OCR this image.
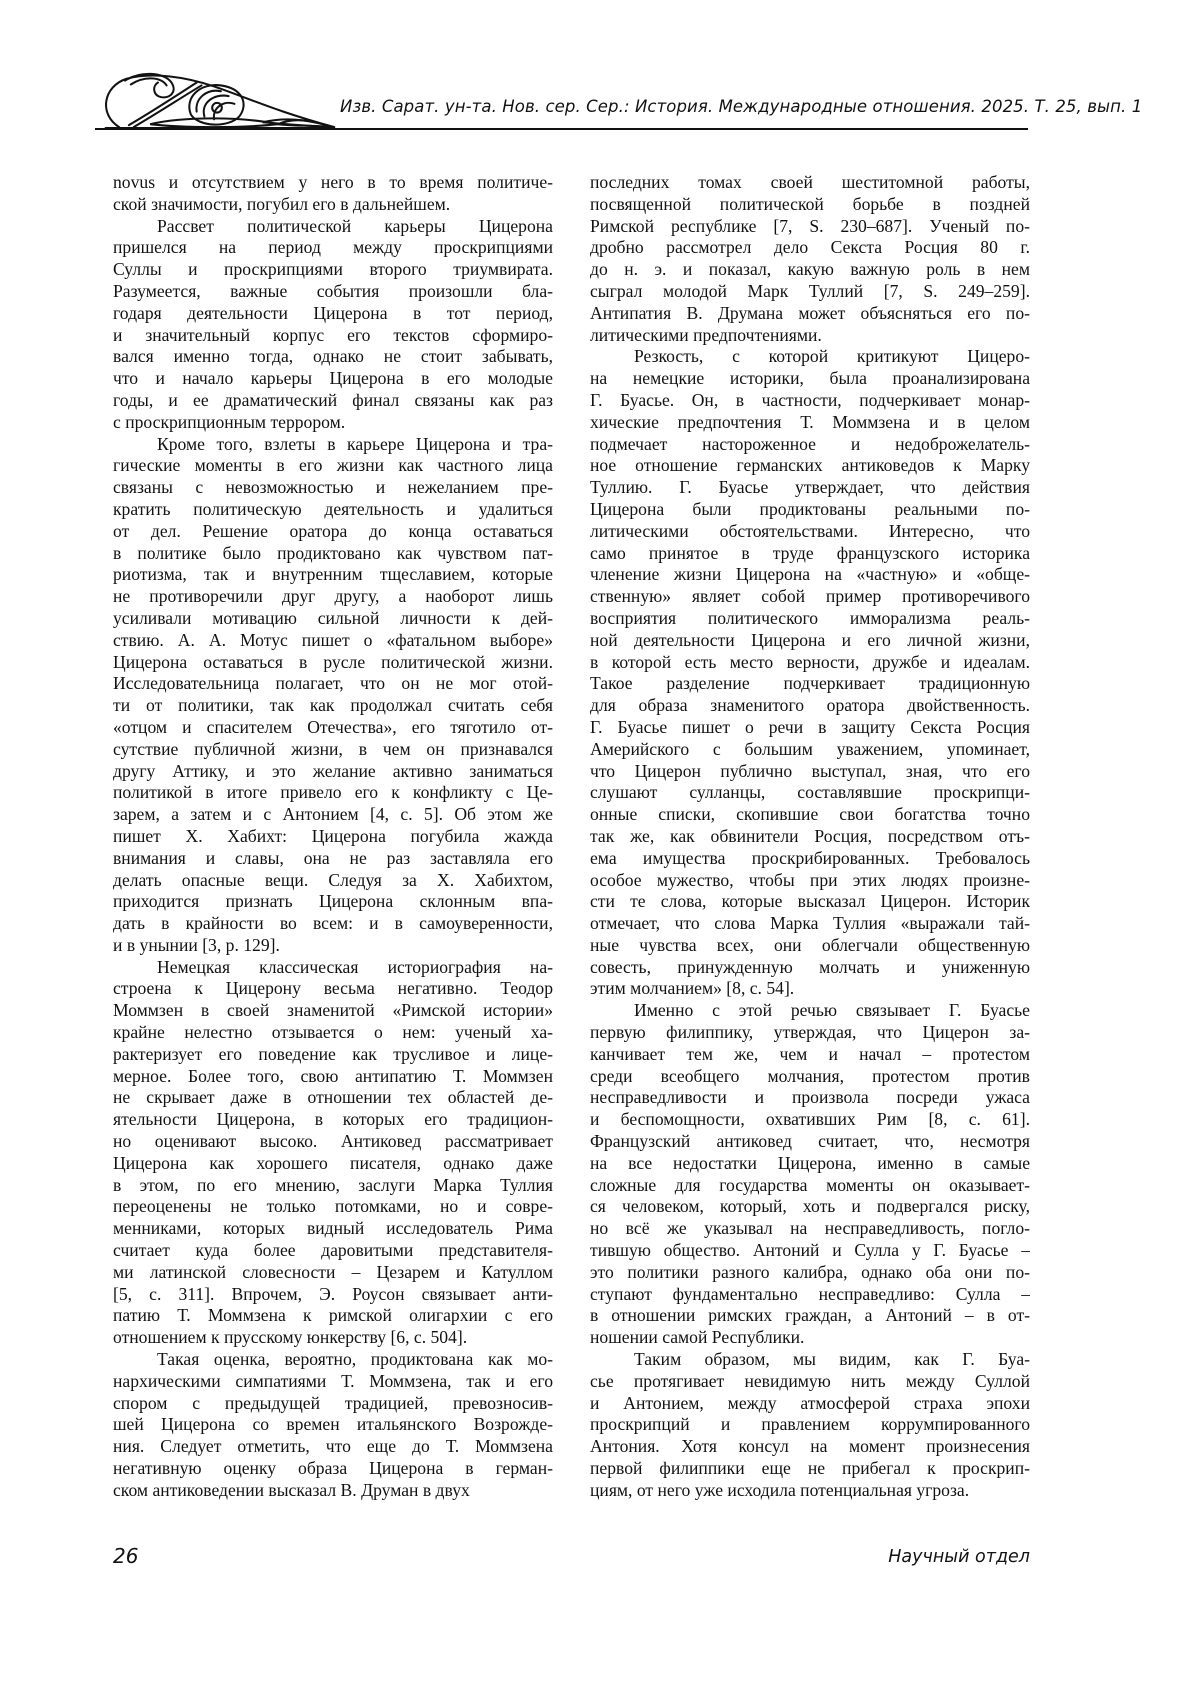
Изв. Сарат. ун-та. Нов. сер. Сер.: История. Международные отношения. 2025. Т. 25, вып. 1
novus и отсутствием у него в то время политиче-
ской значимости, погубил его в дальнейшем.
Рассвет политической карьеры Цицерона
пришелся на период между проскрипциями
Суллы и проскрипциями второго триумвирата.
Разумеется, важные события произошли бла-
годаря деятельности Цицерона в тот период,
и значительный корпус его текстов сформиро-
вался именно тогда, однако не стоит забывать,
что и начало карьеры Цицерона в его молодые
годы, и ее драматический финал связаны как раз
с проскрипционным террором.
Кроме того, взлеты в карьере Цицерона и тра-
гические моменты в его жизни как частного лица
связаны с невозможностью и нежеланием пре-
кратить политическую деятельность и удалиться
от дел. Решение оратора до конца оставаться
в политике было продиктовано как чувством пат-
риотизма, так и внутренним тщеславием, которые
не противоречили друг другу, а наоборот лишь
усиливали мотивацию сильной личности к дей-
ствию. А. А. Мотус пишет о «фатальном выборе»
Цицерона оставаться в русле политической жизни.
Исследовательница полагает, что он не мог отой-
ти от политики, так как продолжал считать себя
«отцом и спасителем Отечества», его тяготило от-
сутствие публичной жизни, в чем он признавался
другу Аттику, и это желание активно заниматься
политикой в итоге привело его к конфликту с Це-
зарем, а затем и с Антонием [4, с. 5]. Об этом же
пишет Х. Хабихт: Цицерона погубила жажда
внимания и славы, она не раз заставляла его
делать опасные вещи. Следуя за Х. Хабихтом,
приходится признать Цицерона склонным впа-
дать в крайности во всем: и в самоуверенности,
и в унынии [3, p. 129].
Немецкая классическая историография на-
строена к Цицерону весьма негативно. Теодор
Моммзен в своей знаменитой «Римской истории»
крайне нелестно отзывается о нем: ученый ха-
рактеризует его поведение как трусливое и лице-
мерное. Более того, свою антипатию Т. Моммзен
не скрывает даже в отношении тех областей де-
ятельности Цицерона, в которых его традицион-
но оценивают высоко. Антиковед рассматривает
Цицерона как хорошего писателя, однако даже
в этом, по его мнению, заслуги Марка Туллия
переоценены не только потомками, но и совре-
менниками, которых видный исследователь Рима
считает куда более даровитыми представителя-
ми латинской словесности – Цезарем и Катуллом
[5, с. 311]. Впрочем, Э. Роусон связывает анти-
патию Т. Моммзена к римской олигархии с его
отношением к прусскому юнкерству [6, с. 504].
Такая оценка, вероятно, продиктована как мо-
нархическими симпатиями Т. Моммзена, так и его
спором с предыдущей традицией, превозносив-
шей Цицерона со времен итальянского Возрожде-
ния. Следует отметить, что еще до Т. Моммзена
негативную оценку образа Цицерона в герман-
ском антиковедении высказал В. Друман в двух
последних томах своей шеститомной работы,
посвященной политической борьбе в поздней
Римской республике [7, S. 230–687]. Ученый по-
дробно рассмотрел дело Секста Росция 80 г.
до н. э. и показал, какую важную роль в нем
сыграл молодой Марк Туллий [7, S. 249–259].
Антипатия В. Друмана может объясняться его по-
литическими предпочтениями.
Резкость, с которой критикуют Цицеро-
на немецкие историки, была проанализирована
Г. Буасье. Он, в частности, подчеркивает монар-
хические предпочтения Т. Моммзена и в целом
подмечает настороженное и недоброжелатель-
ное отношение германских антиковедов к Марку
Туллию. Г. Буасье утверждает, что действия
Цицерона были продиктованы реальными по-
литическими обстоятельствами. Интересно, что
само принятое в труде французского историка
членение жизни Цицерона на «частную» и «обще-
ственную» являет собой пример противоречивого
восприятия политического имморализма реаль-
ной деятельности Цицерона и его личной жизни,
в которой есть место верности, дружбе и идеалам.
Такое разделение подчеркивает традиционную
для образа знаменитого оратора двойственность.
Г. Буасье пишет о речи в защиту Секста Росция
Америйского с большим уважением, упоминает,
что Цицерон публично выступал, зная, что его
слушают сулланцы, составлявшие проскрипци-
онные списки, скопившие свои богатства точно
так же, как обвинители Росция, посредством отъ-
ема имущества проскрибированных. Требовалось
особое мужество, чтобы при этих людях произне-
сти те слова, которые высказал Цицерон. Историк
отмечает, что слова Марка Туллия «выражали тай-
ные чувства всех, они облегчали общественную
совесть, принужденную молчать и униженную
этим молчанием» [8, с. 54].
Именно с этой речью связывает Г. Буасье
первую филиппику, утверждая, что Цицерон за-
канчивает тем же, чем и начал – протестом
среди всеобщего молчания, протестом против
несправедливости и произвола посреди ужаса
и беспомощности, охвативших Рим [8, с. 61].
Французский антиковед считает, что, несмотря
на все недостатки Цицерона, именно в самые
сложные для государства моменты он оказывает-
ся человеком, который, хоть и подвергался риску,
но всё же указывал на несправедливость, погло-
тившую общество. Антоний и Сулла у Г. Буасье –
это политики разного калибра, однако оба они по-
ступают фундаментально несправедливо: Сулла –
в отношении римских граждан, а Антоний – в от-
ношении самой Республики.
Таким образом, мы видим, как Г. Буа-
сье протягивает невидимую нить между Суллой
и Антонием, между атмосферой страха эпохи
проскрипций и правлением коррумпированного
Антония. Хотя консул на момент произнесения
первой филиппики еще не прибегал к проскрип-
циям, от него уже исходила потенциальная угроза.
26	Научный отдел
